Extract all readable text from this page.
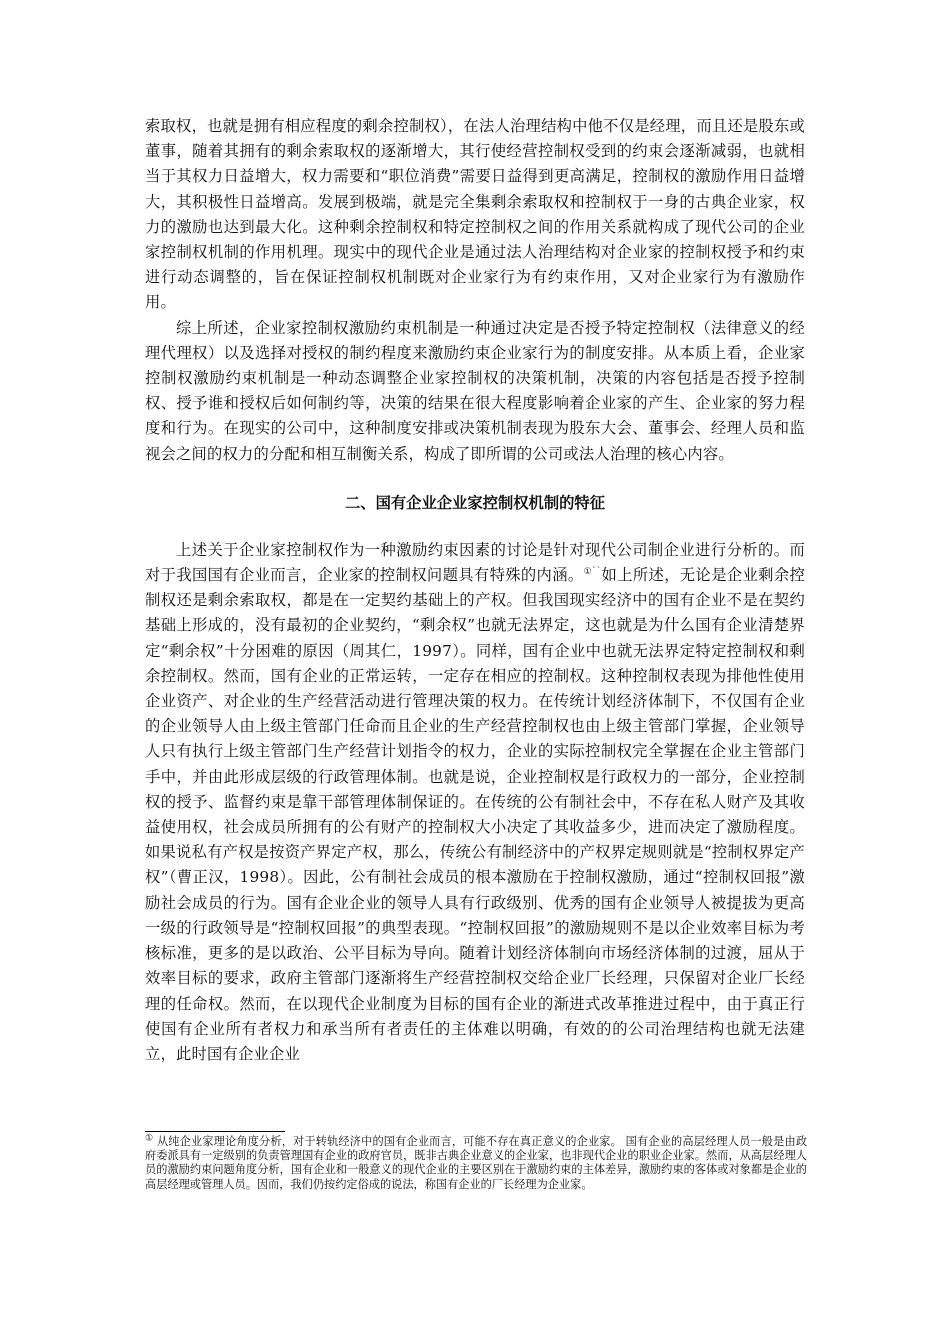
索取权，也就是拥有相应程度的剩余控制权），在法人治理结构中他不仅是经理，而且还是股东或董事，随着其拥有的剩余索取权的逐渐增大，其行使经营控制权受到的约束会逐渐减弱，也就相当于其权力日益增大，权力需要和“职位消费”需要日益得到更高满足，控制权的激励作用日益增大，其积极性日益增高。发展到极端，就是完全集剩余索取权和控制权于一身的古典企业家，权力的激励也达到最大化。这种剩余控制权和特定控制权之间的作用关系就构成了现代公司的企业家控制权机制的作用机理。现实中的现代企业是通过法人治理结构对企业家的控制权授予和约束进行动态调整的，旨在保证控制权机制既对企业家行为有约束作用，又对企业家行为有激励作用。

综上所述，企业家控制权激励约束机制是一种通过决定是否授予特定控制权（法律意义的经理代理权）以及选择对授权的制约程度来激励约束企业家行为的制度安排。从本质上看，企业家控制权激励约束机制是一种动态调整企业家控制权的决策机制，决策的内容包括是否授予控制权、授予谁和授权后如何制约等，决策的结果在很大程度影响着企业家的产生、企业家的努力程度和行为。在现实的公司中，这种制度安排或决策机制表现为股东大会、董事会、经理人员和监视会之间的权力的分配和相互制衡关系，构成了即所谓的公司或法人治理的核心内容。

二、国有企业企业家控制权机制的特征

上述关于企业家控制权作为一种激励约束因素的讨论是针对现代公司制企业进行分析的。而对于我国国有企业而言，企业家的控制权问题具有特殊的内涵。①``如上所述，无论是企业剩余控制权还是剩余索取权，都是在一定契约基础上的产权。但我国现实经济中的国有企业不是在契约基础上形成的，没有最初的企业契约，“剩余权”也就无法界定，这也就是为什么国有企业清楚界定“剩余权”十分困难的原因（周其仁，1997）。同样，国有企业中也就无法界定特定控制权和剩余控制权。然而，国有企业的正常运转，一定存在相应的控制权。这种控制权表现为排他性使用企业资产、对企业的生产经营活动进行管理决策的权力。在传统计划经济体制下，不仅国有企业的企业领导人由上级主管部门任命而且企业的生产经营控制权也由上级主管部门掌握，企业领导人只有执行上级主管部门生产经营计划指令的权力，企业的实际控制权完全掌握在企业主管部门手中，并由此形成层级的行政管理体制。也就是说，企业控制权是行政权力的一部分，企业控制权的授予、监督约束是靠干部管理体制保证的。在传统的公有制社会中，不存在私人财产及其收益使用权，社会成员所拥有的公有财产的控制权大小决定了其收益多少，进而决定了激励程度。如果说私有产权是按资产界定产权，那么，传统公有制经济中的产权界定规则就是“控制权界定产权”（曹正汉，1998）。因此，公有制社会成员的根本激励在于控制权激励，通过“控制权回报”激励社会成员的行为。国有企业企业的领导人具有行政级别、优秀的国有企业领导人被提拔为更高一级的行政领导是“控制权回报”的典型表现。“控制权回报”的激励规则不是以企业效率目标为考核标准，更多的是以政治、公平目标为导向。随着计划经济体制向市场经济体制的过渡，屈从于效率目标的要求，政府主管部门逐渐将生产经营控制权交给企业厂长经理，只保留对企业厂长经理的任命权。然而，在以现代企业制度为目标的国有企业的渐进式改革推进过程中，由于真正行使国有企业所有者权力和承当所有者责任的主体难以明确，有效的的公司治理结构也就无法建立，此时国有企业企业

① 从纯企业家理论角度分析，对于转轨经济中的国有企业而言，可能不存在真正意义的企业家。 国有企业的高层经理人员一般是由政府委派具有一定级别的负责管理国有企业的政府官员，既非古典企业意义的企业家，也非现代企业的职业企业家。然而，从高层经理人员的激励约束问题角度分析，国有企业和一般意义的现代企业的主要区别在于激励约束的主体差异，激励约束的客体或对象都是企业的高层经理或管理人员。因而，我们仍按约定俗成的说法，称国有企业的厂长经理为企业家。
